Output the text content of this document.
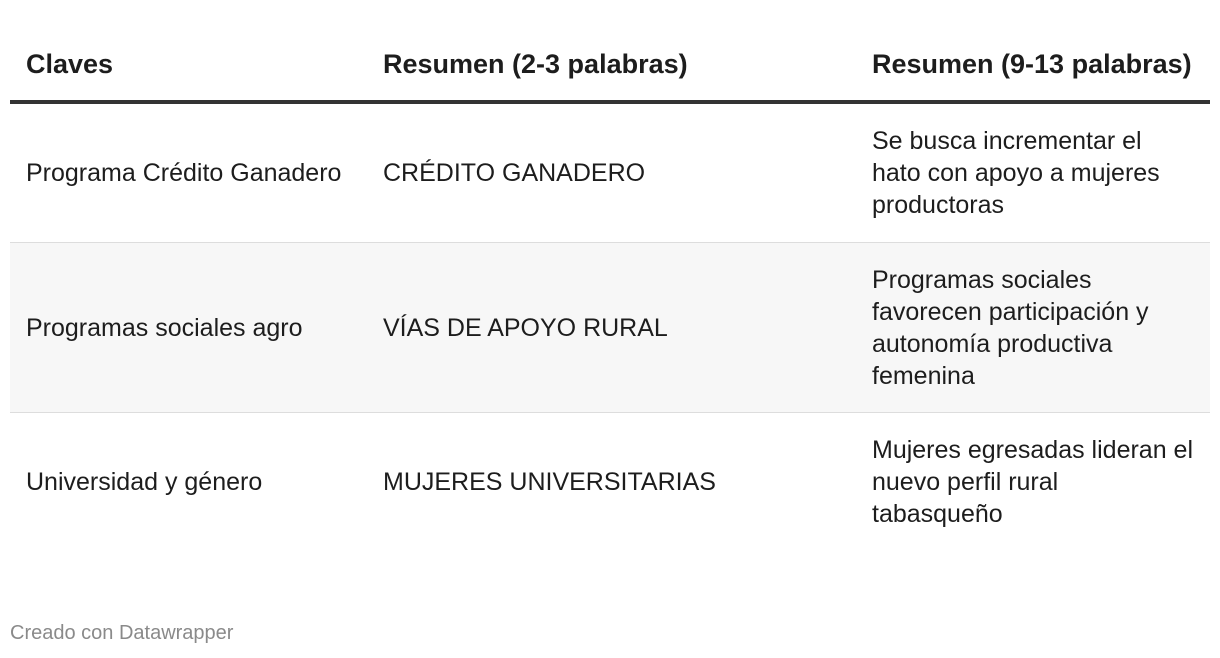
Claves	Resumen (2-3 palabras)	Resumen (9-13 palabras)
Programa Crédito Ganadero	CRÉDITO GANADERO	Se busca incrementar el hato con apoyo a mujeres productoras
Programas sociales agro	VÍAS DE APOYO RURAL	Programas sociales favorecen participación y autonomía productiva femenina
Universidad y género	MUJERES UNIVERSITARIAS	Mujeres egresadas lideran el nuevo perfil rural tabasqueño
Creado con Datawrapper
